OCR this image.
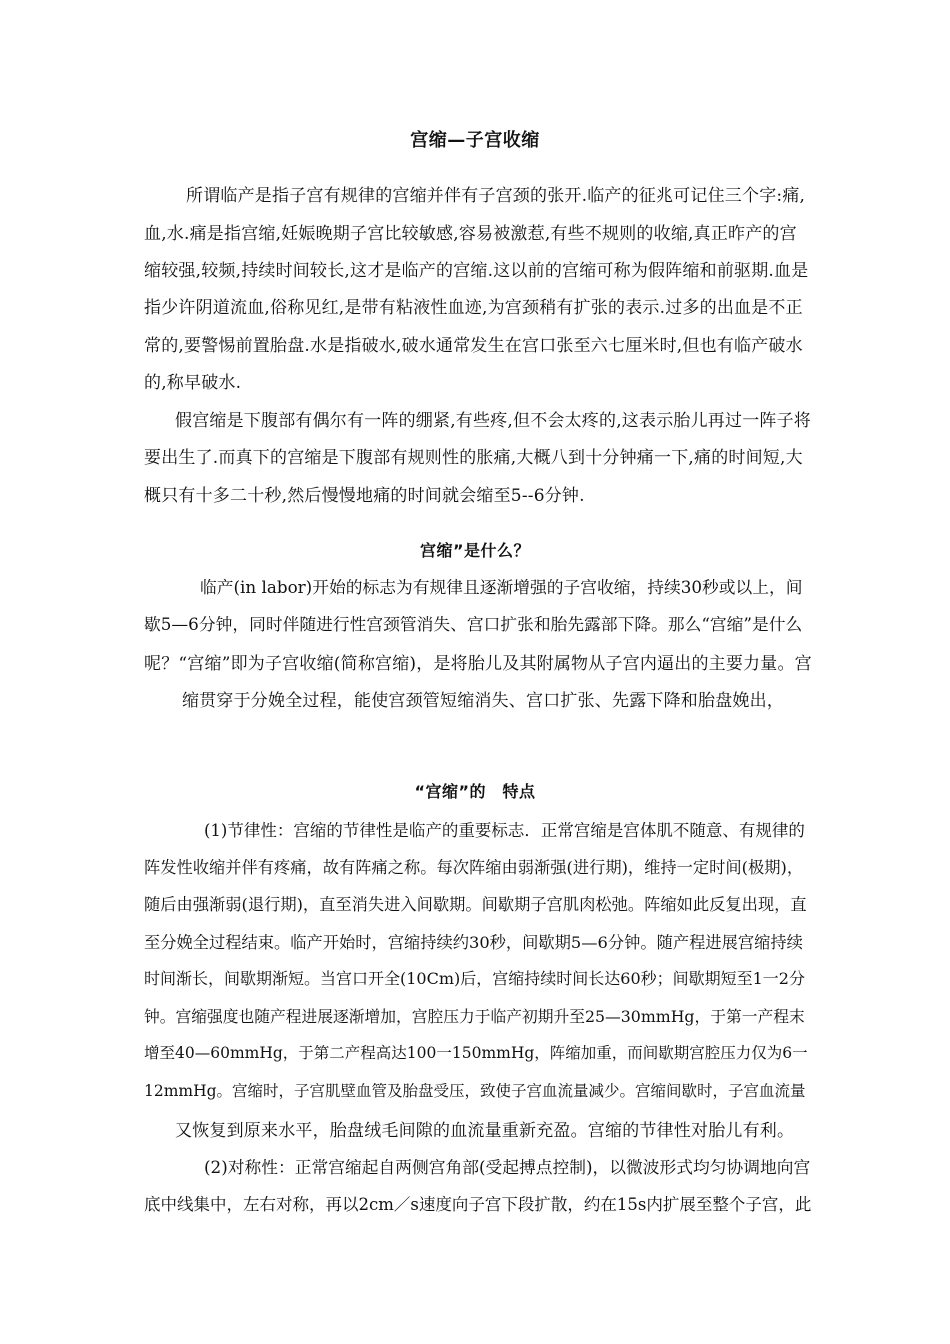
宫缩—子宫收缩
所谓临产是指子宫有规律的宫缩并伴有子宫颈的张开.临产的征兆可记住三个字:痛,
血,水.痛是指宫缩,妊娠晚期子宫比较敏感,容易被激惹,有些不规则的收缩,真正昨产的宫
缩较强,较频,持续时间较长,这才是临产的宫缩.这以前的宫缩可称为假阵缩和前驱期.血是
指少许阴道流血,俗称见红,是带有粘液性血迹,为宫颈稍有扩张的表示.过多的出血是不正
常的,要警惕前置胎盘.水是指破水,破水通常发生在宫口张至六七厘米时,但也有临产破水
的,称早破水.
假宫缩是下腹部有偶尔有一阵的绷紧,有些疼,但不会太疼的,这表示胎儿再过一阵子将
要出生了.而真下的宫缩是下腹部有规则性的胀痛,大概八到十分钟痛一下,痛的时间短,大
概只有十多二十秒,然后慢慢地痛的时间就会缩至5--6分钟.
宫缩”是什么？
临产(in labor)开始的标志为有规律且逐渐增强的子宫收缩，持续30秒或以上，间
歇5—6分钟，同时伴随进行性宫颈管消失、宫口扩张和胎先露部下降。那么“宫缩”是什么
呢？“宫缩”即为子宫收缩(简称宫缩)，是将胎儿及其附属物从子宫内逼出的主要力量。宫
缩贯穿于分娩全过程，能使宫颈管短缩消失、宫口扩张、先露下降和胎盘娩出，
“宫缩”的　特点
(1)节律性：宫缩的节律性是临产的重要标志．正常宫缩是宫体肌不随意、有规律的
阵发性收缩并伴有疼痛，故有阵痛之称。每次阵缩由弱渐强(进行期)，维持一定时间(极期)，
随后由强渐弱(退行期)，直至消失进入间歇期。间歇期子宫肌肉松弛。阵缩如此反复出现，直
至分娩全过程结束。临产开始时，宫缩持续约30秒，间歇期5—6分钟。随产程进展宫缩持续
时间渐长，间歇期渐短。当宫口开全(10Cm)后，宫缩持续时间长达60秒；间歇期短至1一2分
钟。宫缩强度也随产程进展逐渐增加，宫腔压力于临产初期升至25—30mmHg，于第一产程末
增至40—60mmHg，于第二产程高达100一150mmHg，阵缩加重，而间歇期宫腔压力仅为6一
12mmHg。宫缩时，子宫肌壁血管及胎盘受压，致使子宫血流量减少。宫缩间歇时，子宫血流量
又恢复到原来水平，胎盘绒毛间隙的血流量重新充盈。宫缩的节律性对胎儿有利。
(2)对称性：正常宫缩起自两侧宫角部(受起搏点控制)，以微波形式均匀协调地向宫
底中线集中，左右对称，再以2cm／s速度向子宫下段扩散，约在15s内扩展至整个子宫，此
